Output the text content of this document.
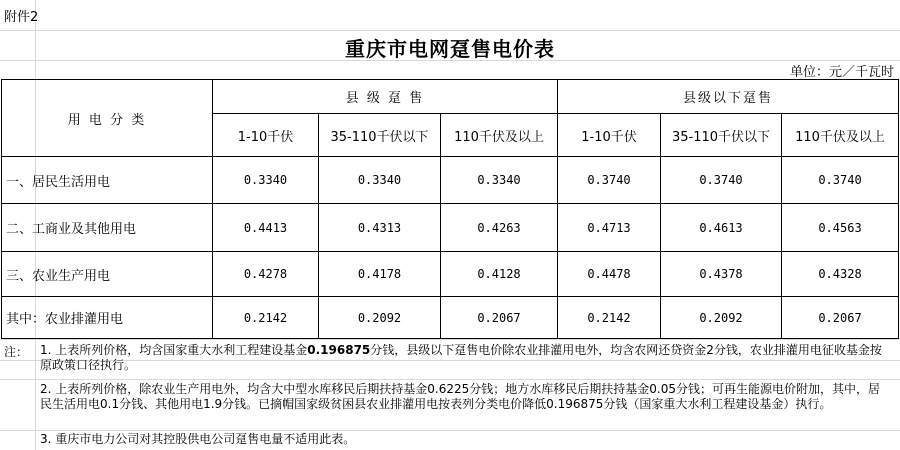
附件2
重庆市电网趸售电价表
单位：元／千瓦时
用 电 分 类	县 级 趸 售			县级以下趸售		
	1-10千伏	35-110千伏以下	110千伏及以上	1-10千伏	35-110千伏以下	110千伏及以上
一、居民生活用电	0.3340	0.3340	0.3340	0.3740	0.3740	0.3740
二、工商业及其他用电	0.4413	0.4313	0.4263	0.4713	0.4613	0.4563
三、农业生产用电	0.4278	0.4178	0.4128	0.4478	0.4378	0.4328
其中：农业排灌用电	0.2142	0.2092	0.2067	0.2142	0.2092	0.2067
注： 1. 上表所列价格，均含国家重大水利工程建设基金0.196875分钱，县级以下趸售电价除农业排灌用电外，均含农网还贷资金2分钱，农业排灌用电征收基金按原政策口径执行。
2. 上表所列价格，除农业生产用电外，均含大中型水库移民后期扶持基金0.6225分钱；地方水库移民后期扶持基金0.05分钱；可再生能源电价附加，其中，居民生活用电0.1分钱、其他用电1.9分钱。已摘帽国家级贫困县农业排灌用电按表列分类电价降低0.196875分钱（国家重大水利工程建设基金）执行。
3. 重庆市电力公司对其控股供电公司趸售电量不适用此表。
